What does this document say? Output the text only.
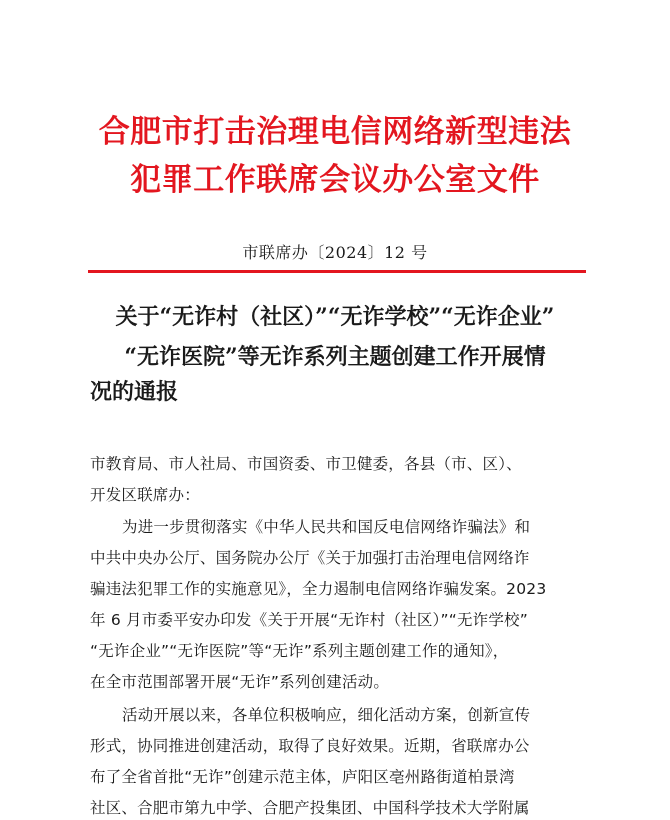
合肥市打击治理电信网络新型违法
犯罪工作联席会议办公室文件
市联席办〔2024〕12 号
关于“无诈村（社区）”“无诈学校”“无诈企业”
“无诈医院”等无诈系列主题创建工作开展情
况的通报
市教育局、市人社局、市国资委、市卫健委，各县（市、区）、
开发区联席办：
为进一步贯彻落实《中华人民共和国反电信网络诈骗法》和
中共中央办公厅、国务院办公厅《关于加强打击治理电信网络诈
骗违法犯罪工作的实施意见》，全力遏制电信网络诈骗发案。2023
年 6 月市委平安办印发《关于开展“无诈村（社区）”“无诈学校”
“无诈企业”“无诈医院”等“无诈”系列主题创建工作的通知》，
在全市范围部署开展“无诈”系列创建活动。
活动开展以来，各单位积极响应，细化活动方案，创新宣传
形式，协同推进创建活动，取得了良好效果。近期，省联席办公
布了全省首批“无诈”创建示范主体，庐阳区亳州路街道柏景湾
社区、合肥市第九中学、合肥产投集团、中国科学技术大学附属
